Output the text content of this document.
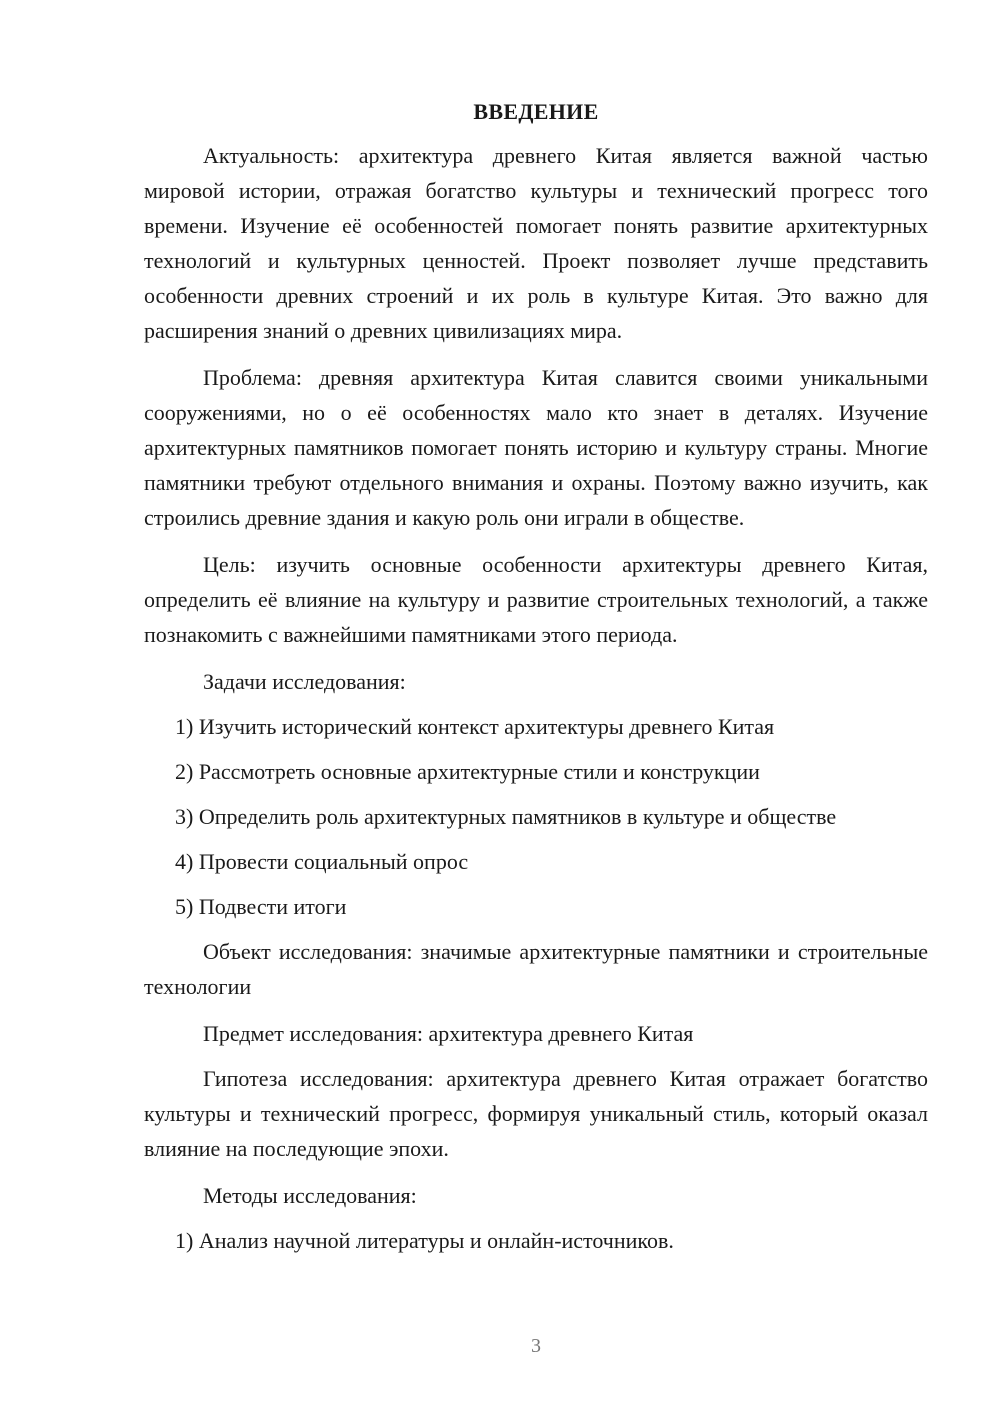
ВВЕДЕНИЕ

Актуальность: архитектура древнего Китая является важной частью мировой истории, отражая богатство культуры и технический прогресс того времени. Изучение её особенностей помогает понять развитие архитектурных технологий и культурных ценностей. Проект позволяет лучше представить особенности древних строений и их роль в культуре Китая. Это важно для расширения знаний о древних цивилизациях мира.

Проблема: древняя архитектура Китая славится своими уникальными сооружениями, но о её особенностях мало кто знает в деталях. Изучение архитектурных памятников помогает понять историю и культуру страны. Многие памятники требуют отдельного внимания и охраны. Поэтому важно изучить, как строились древние здания и какую роль они играли в обществе.

Цель: изучить основные особенности архитектуры древнего Китая, определить её влияние на культуру и развитие строительных технологий, а также познакомить с важнейшими памятниками этого периода.

Задачи исследования:

1) Изучить исторический контекст архитектуры древнего Китая

2) Рассмотреть основные архитектурные стили и конструкции

3) Определить роль архитектурных памятников в культуре и обществе

4) Провести социальный опрос

5) Подвести итоги

Объект исследования: значимые архитектурные памятники и строительные технологии

Предмет исследования: архитектура древнего Китая

Гипотеза исследования: архитектура древнего Китая отражает богатство культуры и технический прогресс, формируя уникальный стиль, который оказал влияние на последующие эпохи.

Методы исследования:

1) Анализ научной литературы и онлайн-источников.

3
